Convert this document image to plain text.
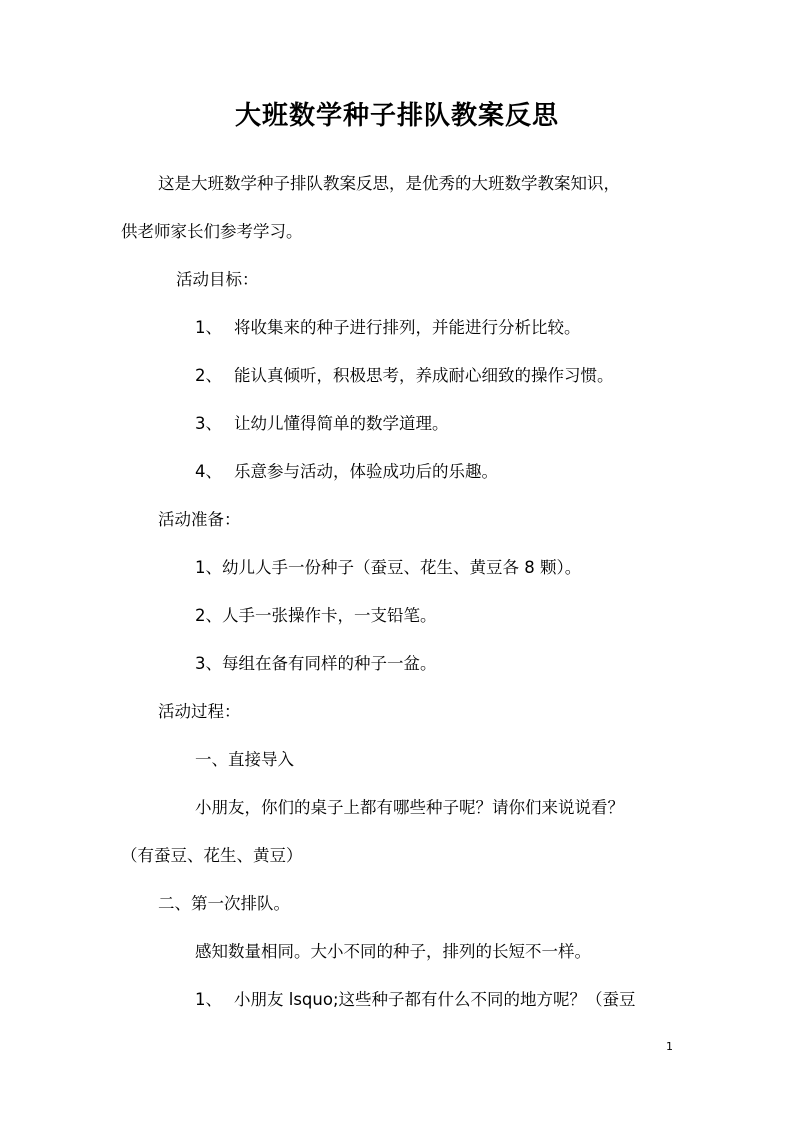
大班数学种子排队教案反思
这是大班数学种子排队教案反思，是优秀的大班数学教案知识，
供老师家长们参考学习。
活动目标：
1、 将收集来的种子进行排列，并能进行分析比较。
2、 能认真倾听，积极思考，养成耐心细致的操作习惯。
3、 让幼儿懂得简单的数学道理。
4、 乐意参与活动，体验成功后的乐趣。
活动准备：
1、幼儿人手一份种子（蚕豆、花生、黄豆各 8 颗）。
2、人手一张操作卡，一支铅笔。
3、每组在备有同样的种子一盆。
活动过程：
一、直接导入
小朋友，你们的桌子上都有哪些种子呢？请你们来说说看？
（有蚕豆、花生、黄豆）
二、第一次排队。
感知数量相同。大小不同的种子，排列的长短不一样。
1、 小朋友 lsquo;这些种子都有什么不同的地方呢？（蚕豆
1
